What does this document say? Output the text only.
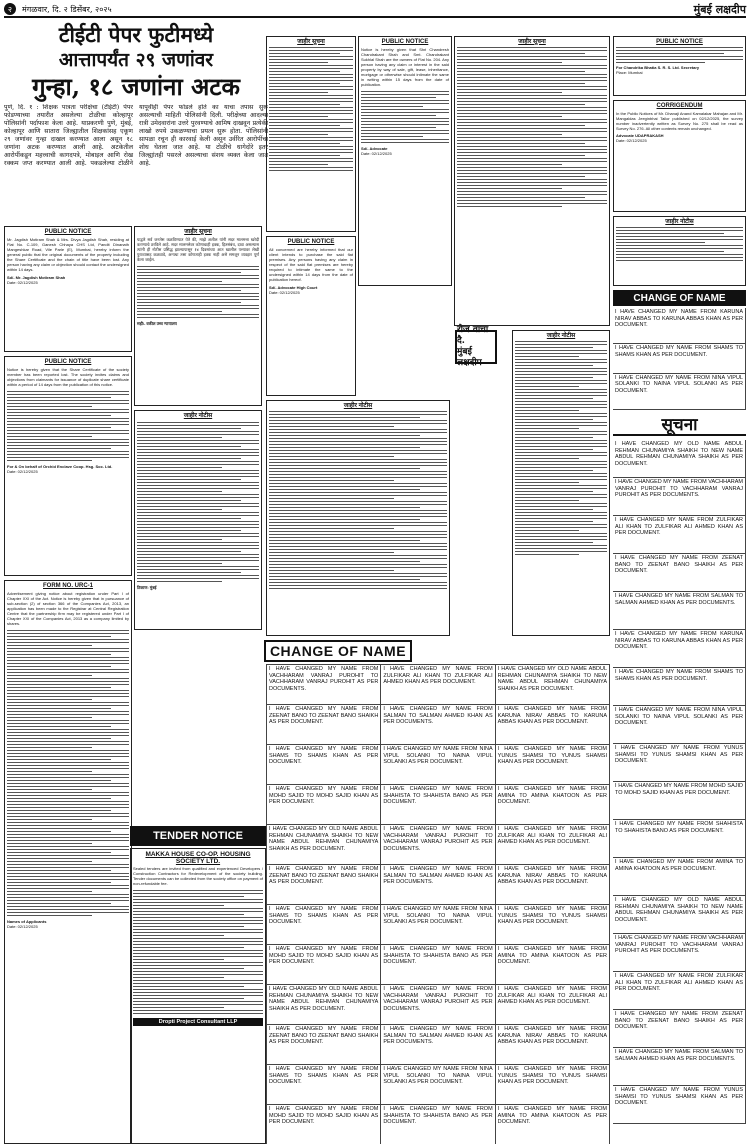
२	मंगळवार, दि. २ डिसेंबर, २०२५	मुंबई लक्षदीप
टीईटी पेपर फुटीमध्ये
आत्तापर्यंत २९ जणांवर
गुन्हा, १८ जणांना अटक
पुणे, दि. १ : शिक्षक पात्रता परीक्षेचा (टीईटी) पेपर फोडण्याच्या तयारीत असलेल्या टोळीचा कोल्हापूर पोलिसांनी पर्दाफाश केला आहे. याप्रकरणी पुणे, मुंबई, कोल्हापूर आणि सातारा जिल्ह्यातील शिक्षकांसह एकूण २९ जणांवर गुन्हा दाखल करण्यात आला असून १८ जणांना अटक करण्यात आली आहे. अटकेतील आरोपींकडून महत्त्वाची कागदपत्रे, मोबाइल आणि रोख रक्कम जप्त करण्यात आली आहे. पकडलेल्या टोळीने यापूर्वीही पेपर फोडले होते का याचा तपास सुरू असल्याची माहिती पोलिसांनी दिली. परीक्षेच्या आदल्या रात्री उमेदवारांना उत्तरे पुरवण्याचे आमिष दाखवून प्रत्येकी लाखो रुपये उकळण्याचा प्रयत्न सुरू होता. पोलिसांनी सापळा रचून ही कारवाई केली असून उर्वरित आरोपींचा शोध घेतला जात आहे. या टोळीचे धागेदोरे इतर जिल्ह्यांतही पसरले असल्याचा संशय व्यक्त केला जात आहे.
PUBLIC NOTICE

Mr. Jagdish Motiram Shah & Mrs. Divya Jagdish Shah, residing at Flat No. C-109, Ganesh Chhaya CHS Ltd, Pandit Dinanath Mangeshkar Road, Vile Parle (E), Mumbai, hereby inform the general public that the original documents of the property including the Share Certificate and the chain of title have been lost. Any person having any claim or objection should contact the undersigned within 14 days.

Sd/- Mr. Jagdish Motiram Shah

Date: 02/12/2025

PUBLIC NOTICE

Notice is hereby given that the Share Certificate of the society member has been reported lost. The society invites claims and objections from claimants for issuance of duplicate share certificate within a period of 14 days from the publication of this notice.

For & On behalf of Orchid Enclave Coop. Hsg. Soc. Ltd.

Date: 02/12/2025

FORM NO. URC-1

Advertisement giving notice about registration under Part I of Chapter XXI of the Act. Notice is hereby given that in pursuance of sub-section (2) of section 366 of the Companies Act, 2013, an application has been made to the Registrar at Central Registration Centre that the partnership firm may be registered under Part I of Chapter XXI of the Companies Act, 2013 as a company limited by shares.

Names of Applicants

Date: 02/12/2025

जाहीर सूचना

याद्वारे सर्व जनतेस कळविण्यात येते की, माझे अशील यांनी सदर मालमत्ता खरेदी करण्याचे ठरविले आहे. सदर मालमत्तेवर कोणाचाही हक्क, हितसंबंध, दावा असल्यास त्यांनी ही नोटीस प्रसिद्ध झाल्यापासून १४ दिवसांच्या आत खालील पत्त्यावर लेखी पुराव्यासह कळवावे, अन्यथा तसा कोणताही हक्क नाही असे समजून व्यवहार पूर्ण केला जाईल.

सही/- वकील उच्च न्यायालय

जाहीर नोटीस

ठिकाण: मुंबई

TENDER NOTICE
MAKKA HOUSE CO-OP. HOUSING SOCIETY LTD.

Sealed tenders are invited from qualified and experienced Developers / Construction Contractors for Redevelopment of the society building. Tender documents can be collected from the society office on payment of non-refundable fee.

Dropti Project Consultant LLP
जाहीर सूचना	PUBLIC NOTICE

Notice is hereby given that Shri Chandresh Chandrakant Shah and Smt. Chandrakant Sukhlal Shah are the owners of Flat No. 204. Any person having any claim or interest in the said property by way of sale, gift, lease, inheritance, mortgage or otherwise should intimate the same in writing within 15 days from the date of publication.

Sd/- Advocate

Date: 02/12/2025

PUBLIC NOTICE

All concerned are hereby informed that our client intends to purchase the said flat premises. Any persons having any claim in respect of the said flat premises are hereby required to intimate the same to the undersigned within 14 days from the date of publication hereof.

Sd/- Advocate High Court

Date: 02/12/2025

जाहीर नोटीस
रोज वाचा दै.
मुंबई लक्षदीप
जाहीर सूचना
जाहीर नोटीस
PUBLIC NOTICE

For Chandrika Bhatia S. R. S. Ltd. Secretary

Place: Mumbai

CORRIGENDUM

In the Public Notices of Mr. Dhanaji Anand Kamalakar Mahajan and Mr. Mangaldas Jeeginbhai Tailor published on 02/12/2025, the survey number inadvertently written as Survey No. 275 shall be read as Survey No. 276. All other contents remain unchanged.

Advocate UDAPRAKASH

Date: 02/12/2025

जाहीर नोटीस
CHANGE OF NAME
I HAVE CHANGED MY NAME FROM KARUNA NIRAV ABBAS TO KARUNA ABBAS KHAN AS PER DOCUMENT.
I HAVE CHANGED MY NAME FROM SHAMS TO SHAMS KHAN AS PER DOCUMENT.
I HAVE CHANGED MY NAME FROM NINA VIPUL SOLANKI TO NAINA VIPUL SOLANKI AS PER DOCUMENT.
सूचना
I HAVE CHANGED MY OLD NAME ABDUL REHMAN CHUNAMIYA SHAIKH TO NEW NAME ABDUL REHMAN CHUNAMIYA SHAIKH AS PER DOCUMENT.
I HAVE CHANGED MY NAME FROM VACHHARAM VANRAJ PUROHIT TO VACHHARAM VANRAJ PUROHIT AS PER DOCUMENTS.
I HAVE CHANGED MY NAME FROM ZULFIKAR ALI KHAN TO ZULFIKAR ALI AHMED KHAN AS PER DOCUMENT.
I HAVE CHANGED MY NAME FROM ZEENAT BANO TO ZEENAT BANO SHAIKH AS PER DOCUMENT.
I HAVE CHANGED MY NAME FROM SALMAN TO SALMAN AHMED KHAN AS PER DOCUMENTS.
I HAVE CHANGED MY NAME FROM KARUNA NIRAV ABBAS TO KARUNA ABBAS KHAN AS PER DOCUMENT.
I HAVE CHANGED MY NAME FROM SHAMS TO SHAMS KHAN AS PER DOCUMENT.
I HAVE CHANGED MY NAME FROM NINA VIPUL SOLANKI TO NAINA VIPUL SOLANKI AS PER DOCUMENT.
I HAVE CHANGED MY NAME FROM YUNUS SHAMSI TO YUNUS SHAMSI KHAN AS PER DOCUMENT.
I HAVE CHANGED MY NAME FROM MOHD SAJID TO MOHD SAJID KHAN AS PER DOCUMENT.
I HAVE CHANGED MY NAME FROM SHAHISTA TO SHAHISTA BANO AS PER DOCUMENT.
I HAVE CHANGED MY NAME FROM AMINA TO AMINA KHATOON AS PER DOCUMENT.
I HAVE CHANGED MY OLD NAME ABDUL REHMAN CHUNAMIYA SHAIKH TO NEW NAME ABDUL REHMAN CHUNAMIYA SHAIKH AS PER DOCUMENT.
I HAVE CHANGED MY NAME FROM VACHHARAM VANRAJ PUROHIT TO VACHHARAM VANRAJ PUROHIT AS PER DOCUMENTS.
I HAVE CHANGED MY NAME FROM ZULFIKAR ALI KHAN TO ZULFIKAR ALI AHMED KHAN AS PER DOCUMENT.
I HAVE CHANGED MY NAME FROM ZEENAT BANO TO ZEENAT BANO SHAIKH AS PER DOCUMENT.
I HAVE CHANGED MY NAME FROM SALMAN TO SALMAN AHMED KHAN AS PER DOCUMENTS.
I HAVE CHANGED MY NAME FROM YUNUS SHAMSI TO YUNUS SHAMSI KHAN AS PER DOCUMENT.
CHANGE OF NAME
I HAVE CHANGED MY NAME FROM VACHHARAM VANRAJ PUROHIT TO VACHHARAM VANRAJ PUROHIT AS PER DOCUMENTS.
I HAVE CHANGED MY NAME FROM ZULFIKAR ALI KHAN TO ZULFIKAR ALI AHMED KHAN AS PER DOCUMENT.
I HAVE CHANGED MY OLD NAME ABDUL REHMAN CHUNAMIYA SHAIKH TO NEW NAME ABDUL REHMAN CHUNAMIYA SHAIKH AS PER DOCUMENT.
I HAVE CHANGED MY NAME FROM ZEENAT BANO TO ZEENAT BANO SHAIKH AS PER DOCUMENT.
I HAVE CHANGED MY NAME FROM SALMAN TO SALMAN AHMED KHAN AS PER DOCUMENTS.
I HAVE CHANGED MY NAME FROM KARUNA NIRAV ABBAS TO KARUNA ABBAS KHAN AS PER DOCUMENT.
I HAVE CHANGED MY NAME FROM SHAMS TO SHAMS KHAN AS PER DOCUMENT.
I HAVE CHANGED MY NAME FROM NINA VIPUL SOLANKI TO NAINA VIPUL SOLANKI AS PER DOCUMENT.
I HAVE CHANGED MY NAME FROM YUNUS SHAMSI TO YUNUS SHAMSI KHAN AS PER DOCUMENT.
I HAVE CHANGED MY NAME FROM MOHD SAJID TO MOHD SAJID KHAN AS PER DOCUMENT.
I HAVE CHANGED MY NAME FROM SHAHISTA TO SHAHISTA BANO AS PER DOCUMENT.
I HAVE CHANGED MY NAME FROM AMINA TO AMINA KHATOON AS PER DOCUMENT.
I HAVE CHANGED MY OLD NAME ABDUL REHMAN CHUNAMIYA SHAIKH TO NEW NAME ABDUL REHMAN CHUNAMIYA SHAIKH AS PER DOCUMENT.
I HAVE CHANGED MY NAME FROM VACHHARAM VANRAJ PUROHIT TO VACHHARAM VANRAJ PUROHIT AS PER DOCUMENTS.
I HAVE CHANGED MY NAME FROM ZULFIKAR ALI KHAN TO ZULFIKAR ALI AHMED KHAN AS PER DOCUMENT.
I HAVE CHANGED MY NAME FROM ZEENAT BANO TO ZEENAT BANO SHAIKH AS PER DOCUMENT.
I HAVE CHANGED MY NAME FROM SALMAN TO SALMAN AHMED KHAN AS PER DOCUMENTS.
I HAVE CHANGED MY NAME FROM KARUNA NIRAV ABBAS TO KARUNA ABBAS KHAN AS PER DOCUMENT.
I HAVE CHANGED MY NAME FROM SHAMS TO SHAMS KHAN AS PER DOCUMENT.
I HAVE CHANGED MY NAME FROM NINA VIPUL SOLANKI TO NAINA VIPUL SOLANKI AS PER DOCUMENT.
I HAVE CHANGED MY NAME FROM YUNUS SHAMSI TO YUNUS SHAMSI KHAN AS PER DOCUMENT.
I HAVE CHANGED MY NAME FROM MOHD SAJID TO MOHD SAJID KHAN AS PER DOCUMENT.
I HAVE CHANGED MY NAME FROM SHAHISTA TO SHAHISTA BANO AS PER DOCUMENT.
I HAVE CHANGED MY NAME FROM AMINA TO AMINA KHATOON AS PER DOCUMENT.
I HAVE CHANGED MY OLD NAME ABDUL REHMAN CHUNAMIYA SHAIKH TO NEW NAME ABDUL REHMAN CHUNAMIYA SHAIKH AS PER DOCUMENT.
I HAVE CHANGED MY NAME FROM VACHHARAM VANRAJ PUROHIT TO VACHHARAM VANRAJ PUROHIT AS PER DOCUMENTS.
I HAVE CHANGED MY NAME FROM ZULFIKAR ALI KHAN TO ZULFIKAR ALI AHMED KHAN AS PER DOCUMENT.
I HAVE CHANGED MY NAME FROM ZEENAT BANO TO ZEENAT BANO SHAIKH AS PER DOCUMENT.
I HAVE CHANGED MY NAME FROM SALMAN TO SALMAN AHMED KHAN AS PER DOCUMENTS.
I HAVE CHANGED MY NAME FROM KARUNA NIRAV ABBAS TO KARUNA ABBAS KHAN AS PER DOCUMENT.
I HAVE CHANGED MY NAME FROM SHAMS TO SHAMS KHAN AS PER DOCUMENT.
I HAVE CHANGED MY NAME FROM NINA VIPUL SOLANKI TO NAINA VIPUL SOLANKI AS PER DOCUMENT.
I HAVE CHANGED MY NAME FROM YUNUS SHAMSI TO YUNUS SHAMSI KHAN AS PER DOCUMENT.
I HAVE CHANGED MY NAME FROM MOHD SAJID TO MOHD SAJID KHAN AS PER DOCUMENT.
I HAVE CHANGED MY NAME FROM SHAHISTA TO SHAHISTA BANO AS PER DOCUMENT.
I HAVE CHANGED MY NAME FROM AMINA TO AMINA KHATOON AS PER DOCUMENT.
